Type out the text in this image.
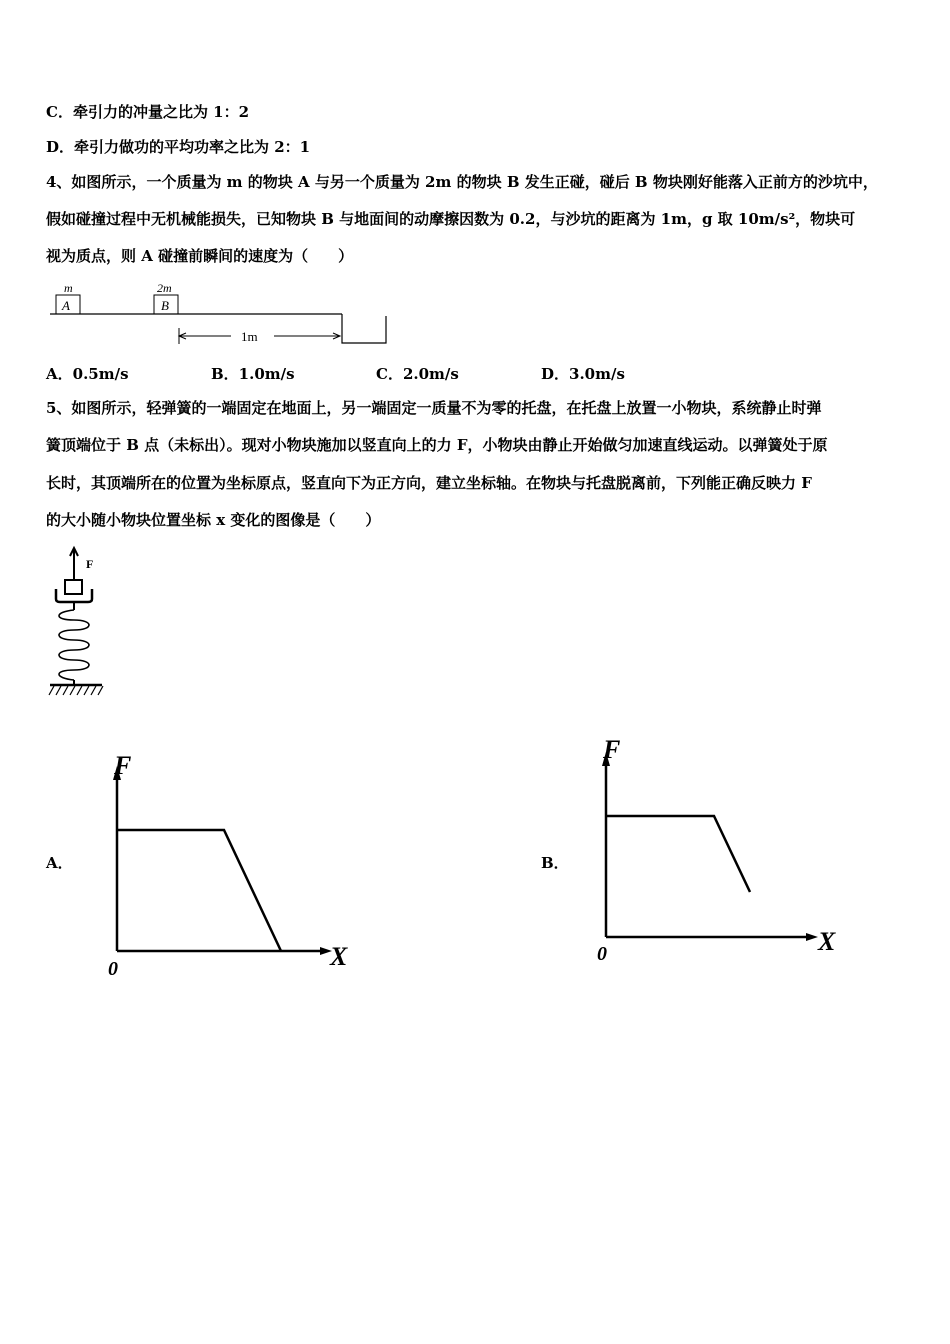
C．牵引力的冲量之比为 1：2
D．牵引力做功的平均功率之比为 2：1
4、如图所示，一个质量为 m 的物块 A 与另一个质量为 2m 的物块 B 发生正碰，碰后 B 物块刚好能落入正前方的沙坑中，
假如碰撞过程中无机械能损失，已知物块 B 与地面间的动摩擦因数为 0.2，与沙坑的距离为 1m，g 取 10m/s²，物块可
视为质点，则 A 碰撞前瞬间的速度为（　　）
m
A
2m
B
1m
A．0.5m/s	B．1.0m/s	C．2.0m/s	D．3.0m/s
5、如图所示，轻弹簧的一端固定在地面上，另一端固定一质量不为零的托盘，在托盘上放置一小物块，系统静止时弹
簧顶端位于 B 点（未标出）。现对小物块施加以竖直向上的力 F，小物块由静止开始做匀加速直线运动。以弹簧处于原
长时，其顶端所在的位置为坐标原点，竖直向下为正方向，建立坐标轴。在物块与托盘脱离前，下列能正确反映力 F
的大小随小物块位置坐标 x 变化的图像是（　　）
F
A．
F
X
0
B．
F
X
0
